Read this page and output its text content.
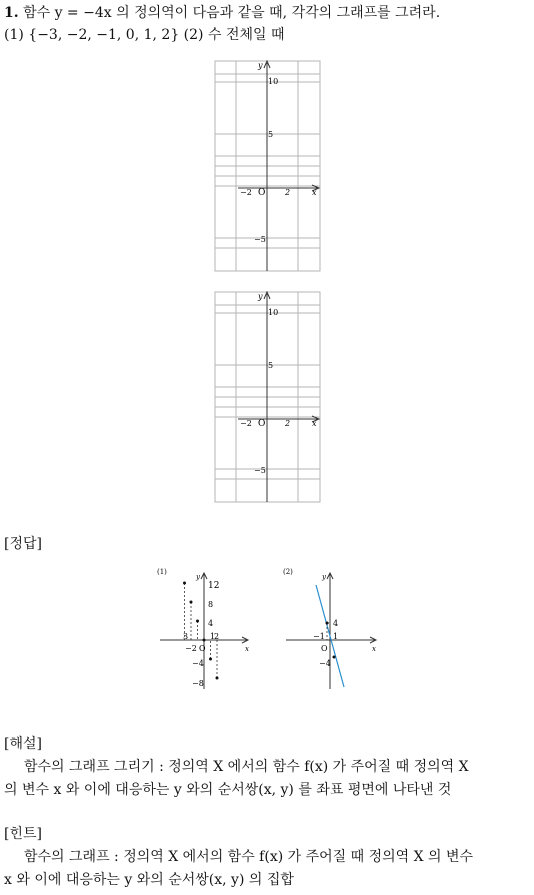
1. 함수 y = −4x 의 정의역이 다음과 같을 때, 각각의 그래프를 그려라.
(1) {−3, −2, −1, 0, 1, 2} (2) 수 전체일 때
y
x
10
5
−5
−2	2
O
y
x
10
5
−5
−2	2
O
[정답]
(1)
y
x
12
8
4
−4
−8
3
−2
1
2
O
(2)
y
x
4
−4
−1 1
O
[해설]
함수의 그래프 그리기 : 정의역 X 에서의 함수 f(x) 가 주어질 때 정의역 X
의 변수 x 와 이에 대응하는 y 와의 순서쌍(x, y) 를 좌표 평면에 나타낸 것
[힌트]
함수의 그래프 : 정의역 X 에서의 함수 f(x) 가 주어질 때 정의역 X 의 변수
x 와 이에 대응하는 y 와의 순서쌍(x, y) 의 집합
